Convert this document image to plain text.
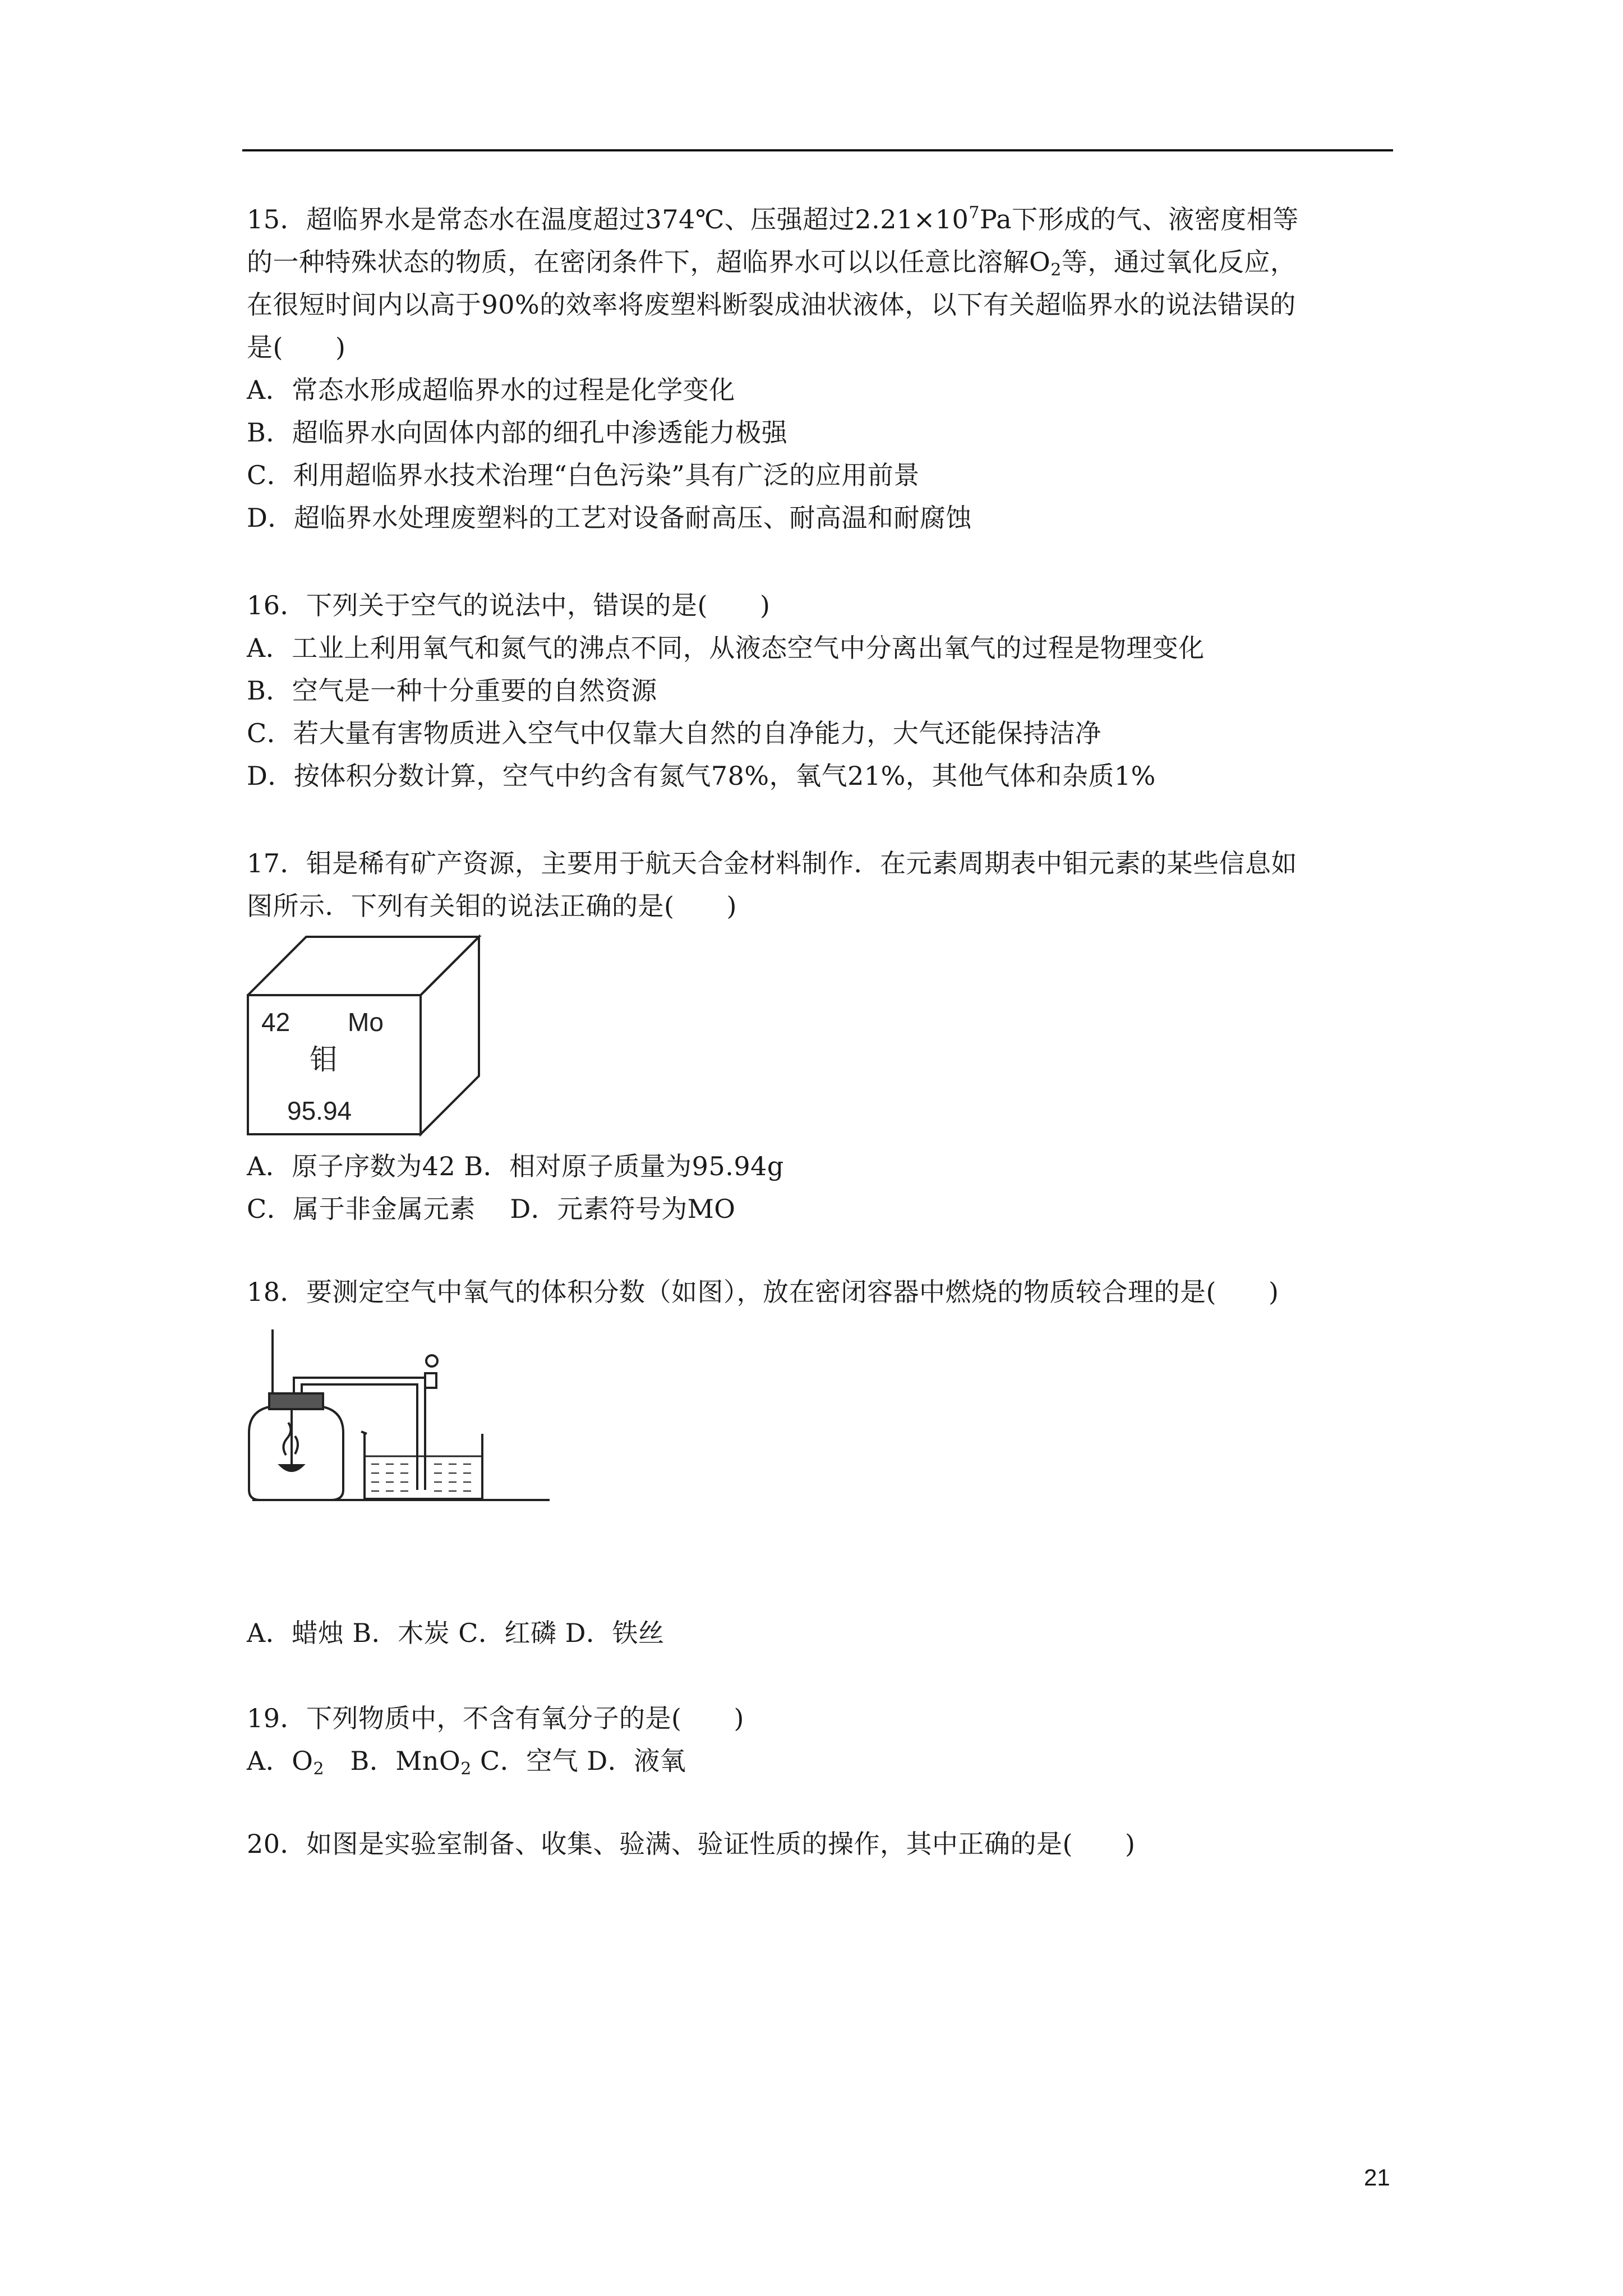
15．超临界水是常态水在温度超过374℃、压强超过$2.21\times 10^7Pa$下形成的气、液密度相等
的一种特殊状态的物质，在密闭条件下，超临界水可以以任意比溶解$O_2$等，通过氧化反应，
在很短时间内以高于90%的效率将废塑料断裂成油状液体，以下有关超临界水的说法错误的
是(　　)
A．常态水形成超临界水的过程是化学变化
B．超临界水向固体内部的细孔中渗透能力极强
C．利用超临界水技术治理“白色污染”具有广泛的应用前景
D．超临界水处理废塑料的工艺对设备耐高压、耐高温和耐腐蚀
16．下列关于空气的说法中，错误的是(　　)
A．工业上利用氧气和氮气的沸点不同，从液态空气中分离出氧气的过程是物理变化
B．空气是一种十分重要的自然资源
C．若大量有害物质进入空气中仅靠大自然的自净能力，大气还能保持洁净
D．按体积分数计算，空气中约含有氮气78%，氧气21%，其他气体和杂质1%
17．钼是稀有矿产资源，主要用于航天合金材料制作．在元素周期表中钼元素的某些信息如
图所示．下列有关钼的说法正确的是(　　)
42 Mo
钼
95.94
A．原子序数为42 B．相对原子质量为95.94g
C．属于非金属元素　 D．元素符号为MO
18．要测定空气中氧气的体积分数（如图），放在密闭容器中燃烧的物质较合理的是(　　)
A．蜡烛 B．木炭 C．红磷 D．铁丝
19．下列物质中，不含有氧分子的是(　　)
A．$O_2$　B．MnO$_2$ C．空气 D．液氧
20．如图是实验室制备、收集、验满、验证性质的操作，其中正确的是(　　)
21
